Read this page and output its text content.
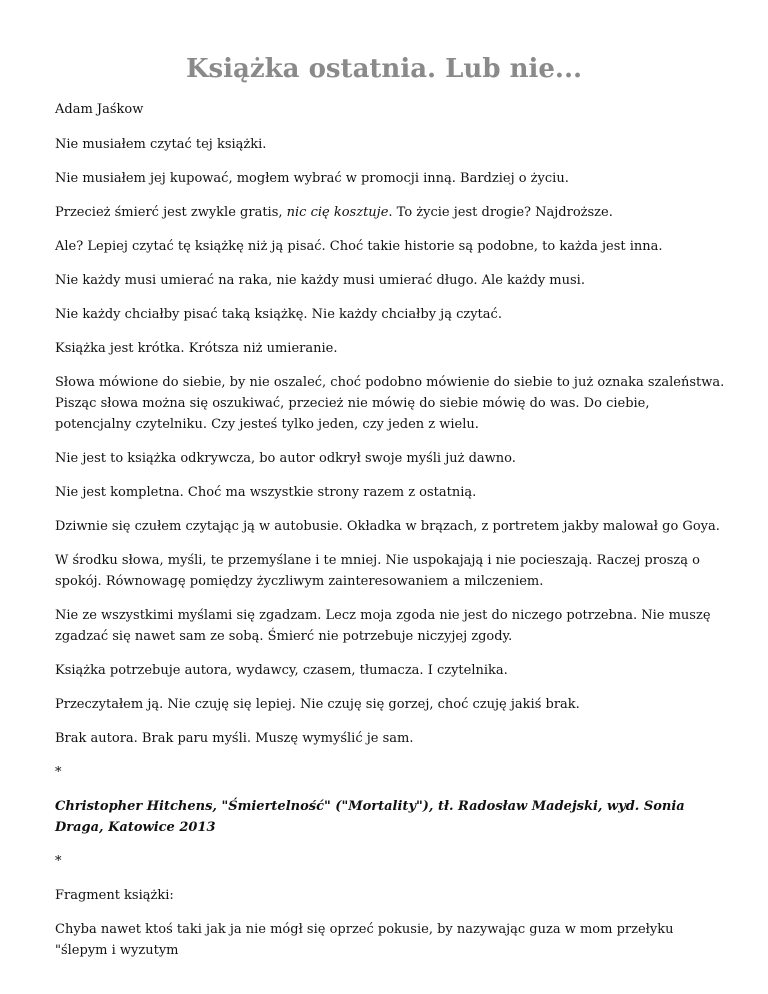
Książka ostatnia. Lub nie...

Adam Jaśkow

Nie musiałem czytać tej książki.

Nie musiałem jej kupować, mogłem wybrać w promocji inną. Bardziej o życiu.

Przecież śmierć jest zwykle gratis, nic cię kosztuje. To życie jest drogie? Najdroższe.

Ale? Lepiej czytać tę książkę niż ją pisać. Choć takie historie są podobne, to każda jest inna.

Nie każdy musi umierać na raka, nie każdy musi umierać długo. Ale każdy musi.

Nie każdy chciałby pisać taką książkę. Nie każdy chciałby ją czytać.

Książka jest krótka. Krótsza niż umieranie.

Słowa mówione do siebie, by nie oszaleć, choć podobno mówienie do siebie to już oznaka szaleństwa. Pisząc słowa można się oszukiwać, przecież nie mówię do siebie mówię do was. Do ciebie, potencjalny czytelniku. Czy jesteś tylko jeden, czy jeden z wielu.

Nie jest to książka odkrywcza, bo autor odkrył swoje myśli już dawno.

Nie jest kompletna. Choć ma wszystkie strony razem z ostatnią.

Dziwnie się czułem czytając ją w autobusie. Okładka w brązach, z portretem jakby malował go Goya.

W środku słowa, myśli, te przemyślane i te mniej. Nie uspokajają i nie pocieszają. Raczej proszą o spokój. Równowagę pomiędzy życzliwym zainteresowaniem a milczeniem.

Nie ze wszystkimi myślami się zgadzam. Lecz moja zgoda nie jest do niczego potrzebna. Nie muszę zgadzać się nawet sam ze sobą. Śmierć nie potrzebuje niczyjej zgody.

Książka potrzebuje autora, wydawcy, czasem, tłumacza. I czytelnika.

Przeczytałem ją. Nie czuję się lepiej. Nie czuję się gorzej, choć czuję jakiś brak.

Brak autora. Brak paru myśli. Muszę wymyślić je sam.

*

Christopher Hitchens, "Śmiertelność" ("Mortality"), tł. Radosław Madejski, wyd. Sonia Draga, Katowice 2013

*

Fragment książki:

Chyba nawet ktoś taki jak ja nie mógł się oprzeć pokusie, by nazywając guza w mom przełyku "ślepym i wyzutym
